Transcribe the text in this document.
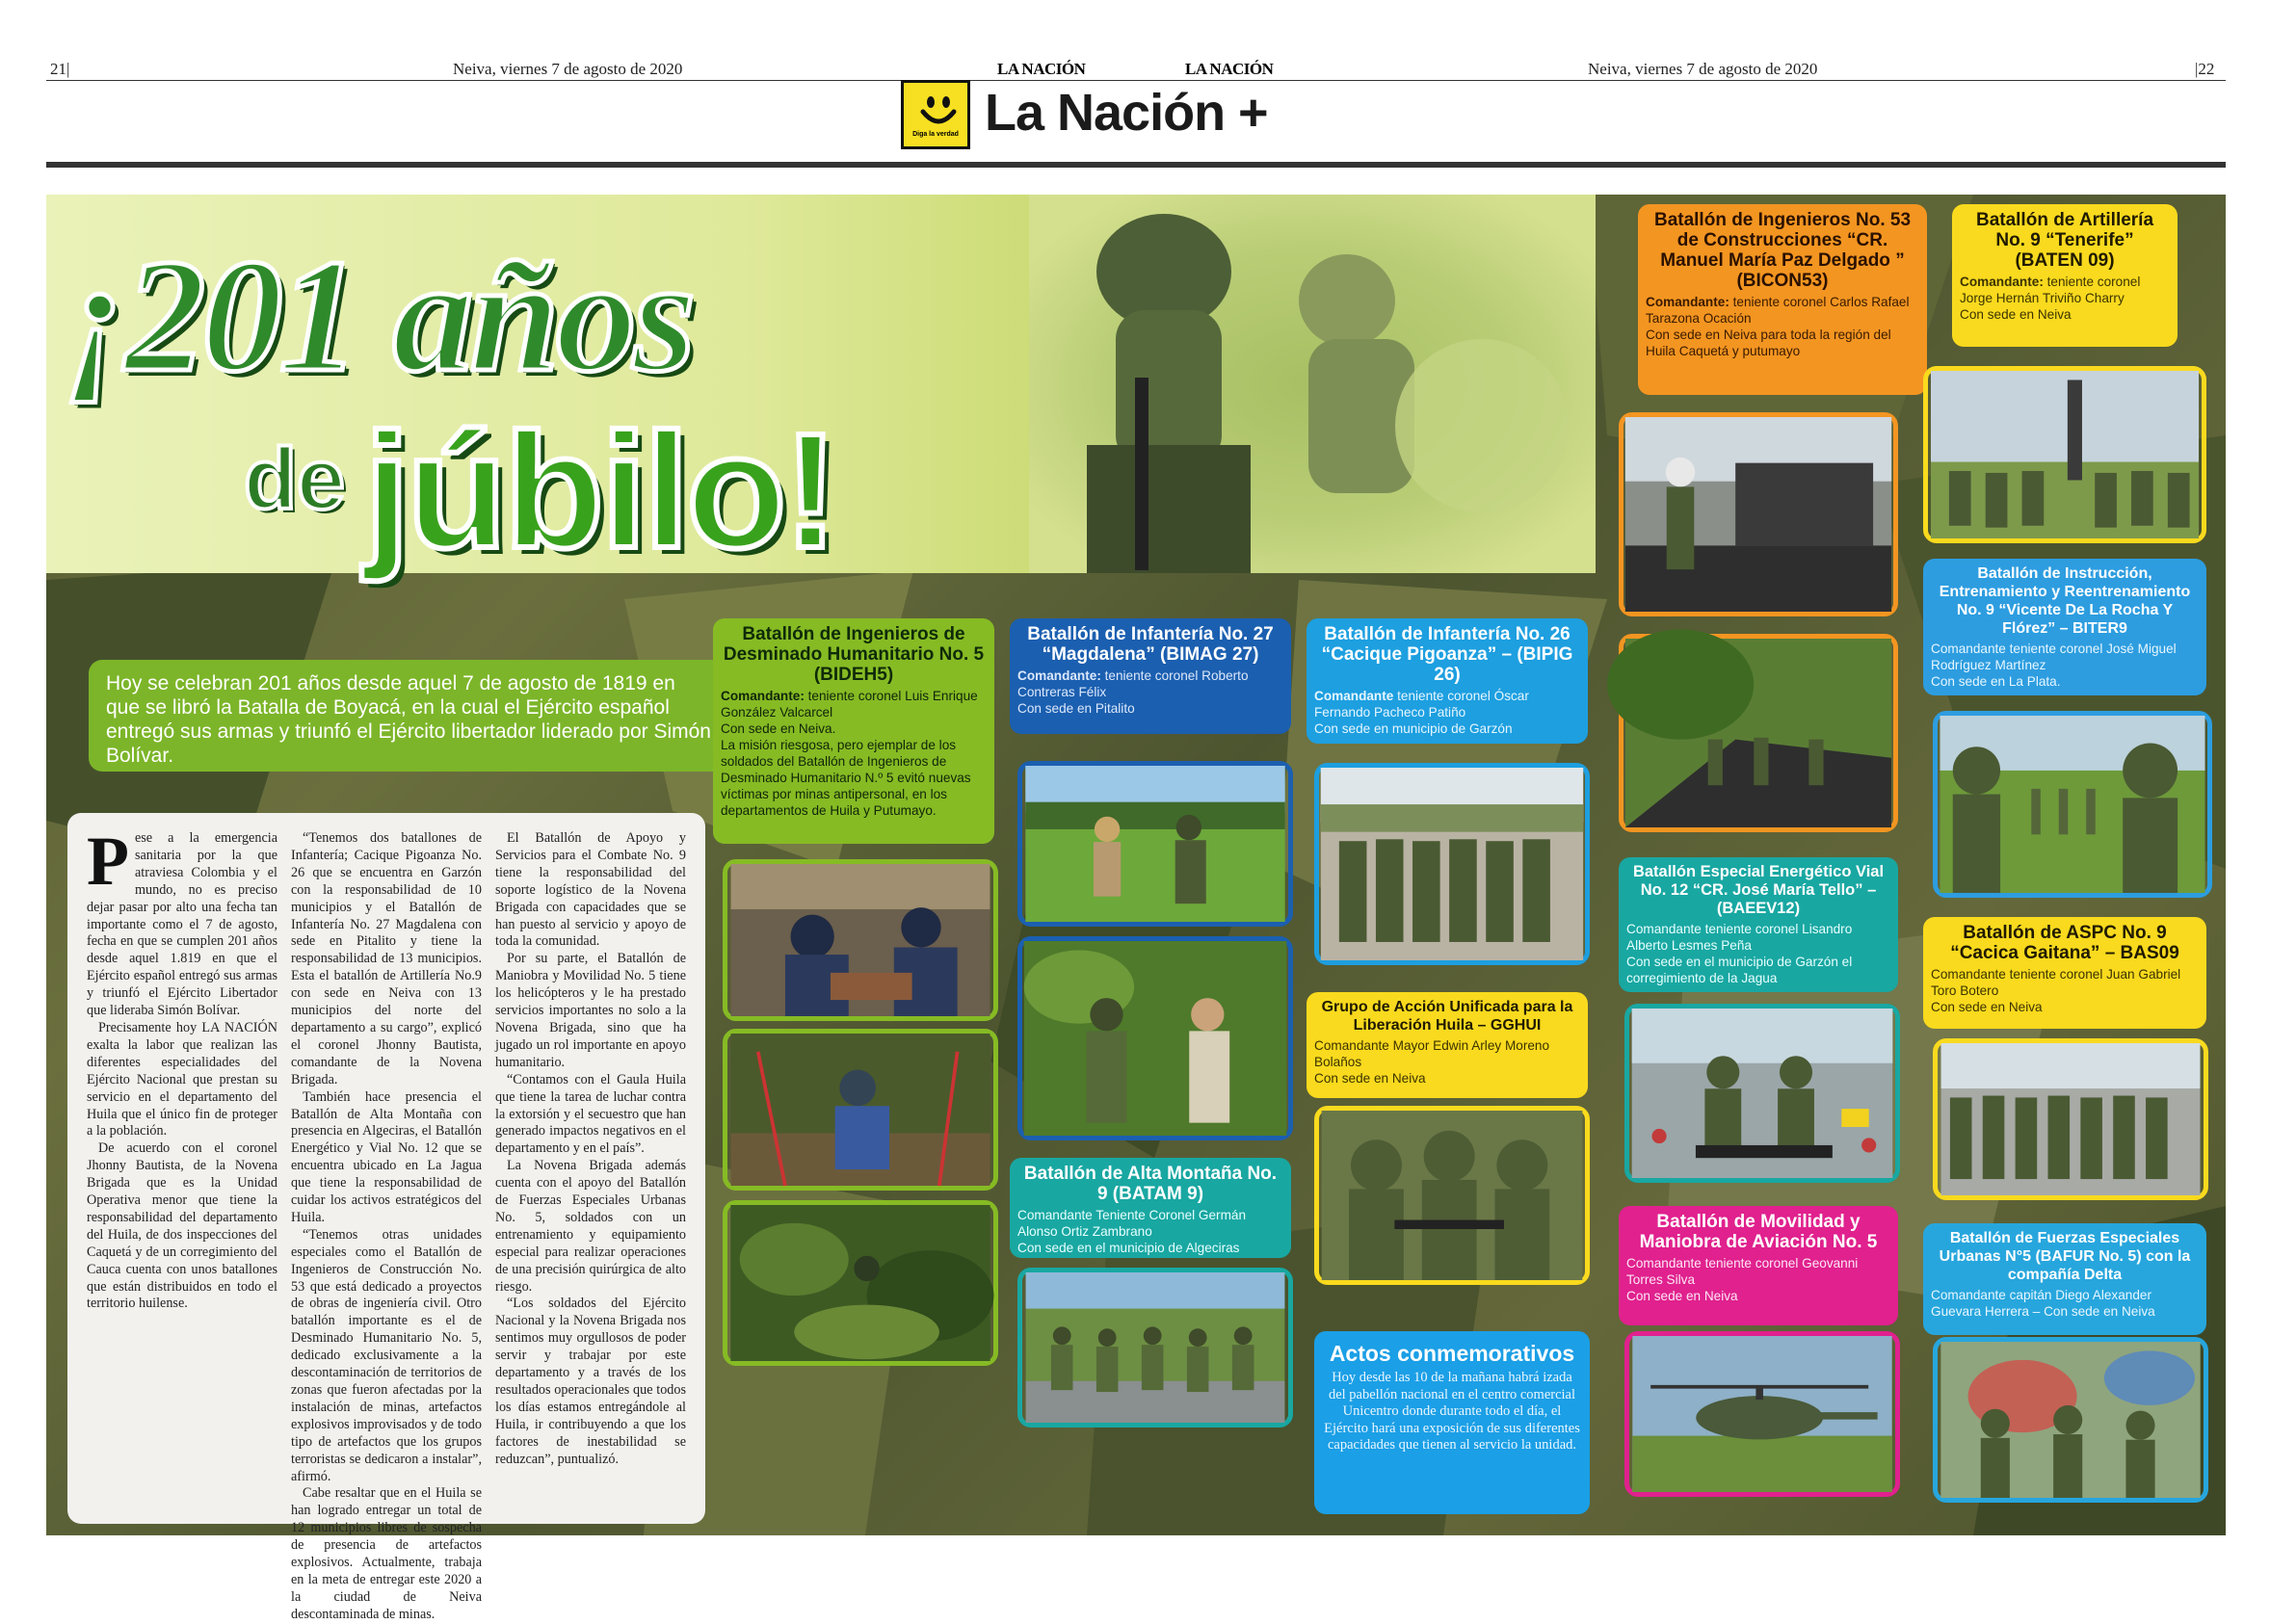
21|	Neiva, viernes 7 de agosto de 2020	LA NACIÓN	LA NACIÓN	Neiva, viernes 7 de agosto de 2020	|22
Diga la verdad La Nación +
¡201 años
de júbilo!
Hoy se celebran 201 años desde aquel 7 de agosto de 1819 en que se libró la Batalla de Boyacá, en la cual el Ejército español entregó sus armas y triunfó el Ejército libertador liderado por Simón Bolívar.
P ese a la emergencia sanitaria por la que atraviesa Colombia y el mundo, no es preciso dejar pasar por alto una fecha tan importante como el 7 de agosto, fecha en que se cumplen 201 años desde aquel 1.819 en que el Ejército español entregó sus armas y triunfó el Ejército Libertador que lideraba Simón Bolívar.

Precisamente hoy LA NACIÓN exalta la labor que realizan las diferentes especialidades del Ejército Nacional que prestan su servicio en el departamento del Huila que el único fin de proteger a la población.

De acuerdo con el coronel Jhonny Bautista, de la Novena Brigada que es la Unidad Operativa menor que tiene la responsabilidad del departamento del Huila, de dos inspecciones del Caquetá y de un corregimiento del Cauca cuenta con unos batallones que están distribuidos en todo el territorio huilense.

“Tenemos dos batallones de Infantería; Cacique Pigoanza No. 26 que se encuentra en Garzón con la responsabilidad de 10 municipios y el Batallón de Infantería No. 27 Magdalena con sede en Pitalito y tiene la responsabilidad de 13 municipios. Esta el batallón de Artillería No.9 con sede en Neiva con 13 municipios del norte del departamento a su cargo”, explicó el coronel Jhonny Bautista, comandante de la Novena Brigada.

También hace presencia el Batallón de Alta Montaña con presencia en Algeciras, el Batallón Energético y Vial No. 12 que se encuentra ubicado en La Jagua que tiene la responsabilidad de cuidar los activos estratégicos del Huila.

“Tenemos otras unidades especiales como el Batallón de Ingenieros de Construcción No. 53 que está dedicado a proyectos de obras de ingeniería civil. Otro batallón importante es el de Desminado Humanitario No. 5, dedicado exclusivamente a la descontaminación de territorios de zonas que fueron afectadas por la instalación de minas, artefactos explosivos improvisados y de todo tipo de artefactos que los grupos terroristas se dedicaron a instalar”, afirmó.

Cabe resaltar que en el Huila se han logrado entregar un total de 12 municipios libres de sospecha de presencia de artefactos explosivos. Actualmente, trabaja en la meta de entregar este 2020 a la ciudad de Neiva descontaminada de minas.

El Batallón de Apoyo y Servicios para el Combate No. 9 tiene la responsabilidad del soporte logístico de la Novena Brigada con capacidades que se han puesto al servicio y apoyo de toda la comunidad.

Por su parte, el Batallón de Maniobra y Movilidad No. 5 tiene los helicópteros y le ha prestado servicios importantes no solo a la Novena Brigada, sino que ha jugado un rol importante en apoyo humanitario.

“Contamos con el Gaula Huila que tiene la tarea de luchar contra la extorsión y el secuestro que han generado impactos negativos en el departamento y en el país”.

La Novena Brigada además cuenta con el apoyo del Batallón de Fuerzas Especiales Urbanas No. 5, soldados con un entrenamiento y equipamiento especial para realizar operaciones de una precisión quirúrgica de alto riesgo.

“Los soldados del Ejército Nacional y la Novena Brigada nos sentimos muy orgullosos de poder servir y trabajar por este departamento y a través de los resultados operacionales que todos los días estamos entregándole al Huila, ir contribuyendo a que los factores de inestabilidad se reduzcan”, puntualizó.

Batallón de Ingenieros de Desminado Humanitario No. 5 (BIDEH5)
Comandante: teniente coronel Luis Enrique González Valcarcel
Con sede en Neiva.
La misión riesgosa, pero ejemplar de los soldados del Batallón de Ingenieros de Desminado Humanitario N.º 5 evitó nuevas víctimas por minas antipersonal, en los departamentos de Huila y Putumayo.
Batallón de Infantería No. 27 “Magdalena” (BIMAG 27)
Comandante: teniente coronel Roberto Contreras Félix
Con sede en Pitalito
Batallón de Alta Montaña No. 9 (BATAM 9)
Comandante Teniente Coronel Germán Alonso Ortiz Zambrano
Con sede en el municipio de Algeciras
Batallón de Infantería No. 26 “Cacique Pigoanza” – (BIPIG 26)
Comandante teniente coronel Óscar Fernando Pacheco Patiño
Con sede en municipio de Garzón
Grupo de Acción Unificada para la Liberación Huila – GGHUI
Comandante Mayor Edwin Arley Moreno Bolaños
Con sede en Neiva
Actos conmemorativos
Hoy desde las 10 de la mañana habrá izada del pabellón nacional en el centro comercial Unicentro donde durante todo el día, el Ejército hará una exposición de sus diferentes capacidades que tienen al servicio la unidad.
Batallón de Ingenieros No. 53 de Construcciones “CR. Manuel María Paz Delgado ” (BICON53)
Comandante: teniente coronel Carlos Rafael Tarazona Ocación
Con sede en Neiva para toda la región del Huila Caquetá y putumayo
Batallón Especial Energético Vial No. 12 “CR. José María Tello” – (BAEEV12)
Comandante teniente coronel Lisandro Alberto Lesmes Peña
Con sede en el municipio de Garzón el corregimiento de la Jagua
Batallón de Movilidad y Maniobra de Aviación No. 5
Comandante teniente coronel Geovanni Torres Silva
Con sede en Neiva
Batallón de Artillería No. 9 “Tenerife” (BATEN 09)
Comandante: teniente coronel Jorge Hernán Triviño Charry
Con sede en Neiva
Batallón de Instrucción, Entrenamiento y Reentrenamiento No. 9 “Vicente De La Rocha Y Flórez” – BITER9
Comandante teniente coronel José Miguel Rodríguez Martínez
Con sede en La Plata.
Batallón de ASPC No. 9 “Cacica Gaitana” – BAS09
Comandante teniente coronel Juan Gabriel Toro Botero
Con sede en Neiva
Batallón de Fuerzas Especiales Urbanas N°5 (BAFUR No. 5) con la compañía Delta
Comandante capitán Diego Alexander Guevara Herrera – Con sede en Neiva
